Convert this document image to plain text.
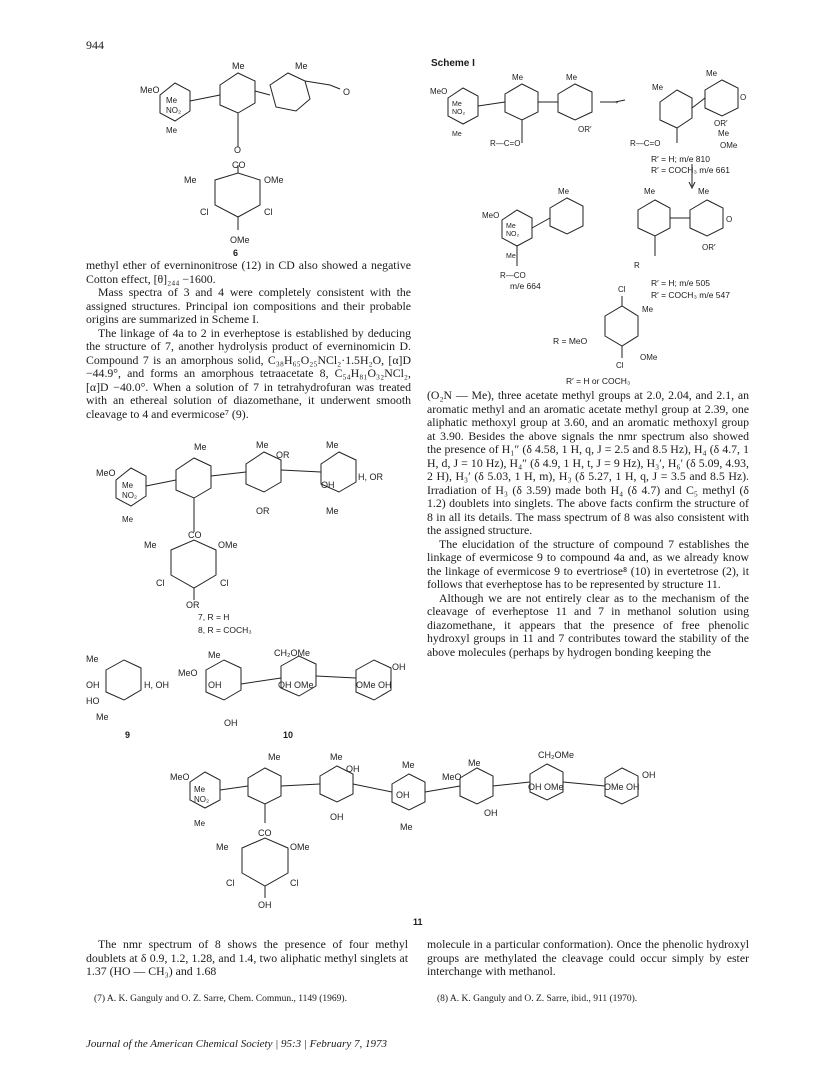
944
Scheme I
Me	Me
MeO
Me
NO₂
Me
O
O
CO
Me	OMe
Cl	Cl
OMe
6

methyl ether of everninonitrose (12) in CD also showed a negative Cotton effect, [θ]₂₄₄ −1600.

Mass spectra of 3 and 4 were completely consistent with the assigned structures. Principal ion compositions and their probable origins are summarized in Scheme I.

The linkage of 4a to 2 in everheptose is established by deducing the structure of 7, another hydrolysis product of everninomicin D. Compound 7 is an amorphous solid, C₃₈H₆₅O₂₅NCl₂·1.5H₂O, [α]D −44.9°, and forms an amorphous tetraacetate 8, C₅₄H₈₁O₃₂NCl₂, [α]D −40.0°. When a solution of 7 in tetrahydrofuran was treated with an ethereal solution of diazomethane, it underwent smooth cleavage to 4 and evermicose⁷ (9).

Me	Me	Me
MeO
Me
NO₂
Me
OR
OH
H, OR
OR	Me
CO
Me	OMe
Cl	Cl
OR
7, R = H
8, R = COCH₃
Me
OH	H, OH
HO
Me
Me
MeO
OH
OH
CH₂OMe
OH OMe	OMe OH
OH
9	10
MeO
Me
NO₂
Me
Me	Me
OR′
R—C=O
Me
Me
O
OR′
Me
OMe
R—C=O
→
MeO
Me
NO₂
Me
Me
R—CO
Me	Me
O
OR′
R
Cl
Me
Cl
OMe
R′ = H; m/e 810
R′ = COCH₃ m/e 661
m/e 664	R′ = H; m/e 505
R′ = COCH₃ m/e 547
R = MeO
R′ = H or COCH₃

(O₂N — Me), three acetate methyl groups at 2.0, 2.04, and 2.1, an aromatic methyl and an aromatic acetate methyl group at 2.39, one aliphatic methoxyl group at 3.60, and an aromatic methoxyl group at 3.90. Besides the above signals the nmr spectrum also showed the presence of H₁″ (δ 4.58, 1 H, q, J = 2.5 and 8.5 Hz), H₄ (δ 4.7, 1 H, d, J = 10 Hz), H₄″ (δ 4.9, 1 H, t, J = 9 Hz), H₃′, H₆′ (δ 5.09, 4.93, 2 H), H₃′ (δ 5.03, 1 H, m), H₃ (δ 5.27, 1 H, q, J = 3.5 and 8.5 Hz). Irradiation of H₃ (δ 3.59) made both H₄ (δ 4.7) and C₅ methyl (δ 1.2) doublets into singlets. The above facts confirm the structure of 8 in all its details. The mass spectrum of 8 was also consistent with the assigned structure.

The elucidation of the structure of compound 7 establishes the linkage of evermicose 9 to compound 4a and, as we already know the linkage of evermicose 9 to evertriose⁸ (10) in evertetrose (2), it follows that everheptose has to be represented by structure 11.

Although we are not entirely clear as to the mechanism of the cleavage of everheptose 11 and 7 in methanol solution using diazomethane, it appears that the presence of free phenolic hydroxyl groups in 11 and 7 contributes toward the stability of the above molecules (perhaps by hydrogen bonding keeping the

Me	Me
Me	Me
CH₂OMe
MeO
Me
NO₂
Me
OH
OH
OH
Me
MeO
OH
OH OMe	OMe OH
OH
CO
Me	OMe
Cl	Cl
OH
11

The nmr spectrum of 8 shows the presence of four methyl doublets at δ 0.9, 1.2, 1.28, and 1.4, two aliphatic methyl singlets at 1.37 (HO — CH₃) and 1.68

molecule in a particular conformation). Once the phenolic hydroxyl groups are methylated the cleavage could occur simply by ester interchange with methanol.

(7) A. K. Ganguly and O. Z. Sarre, Chem. Commun., 1149 (1969).	(8) A. K. Ganguly and O. Z. Sarre, ibid., 911 (1970).
Journal of the American Chemical Society | 95:3 | February 7, 1973
